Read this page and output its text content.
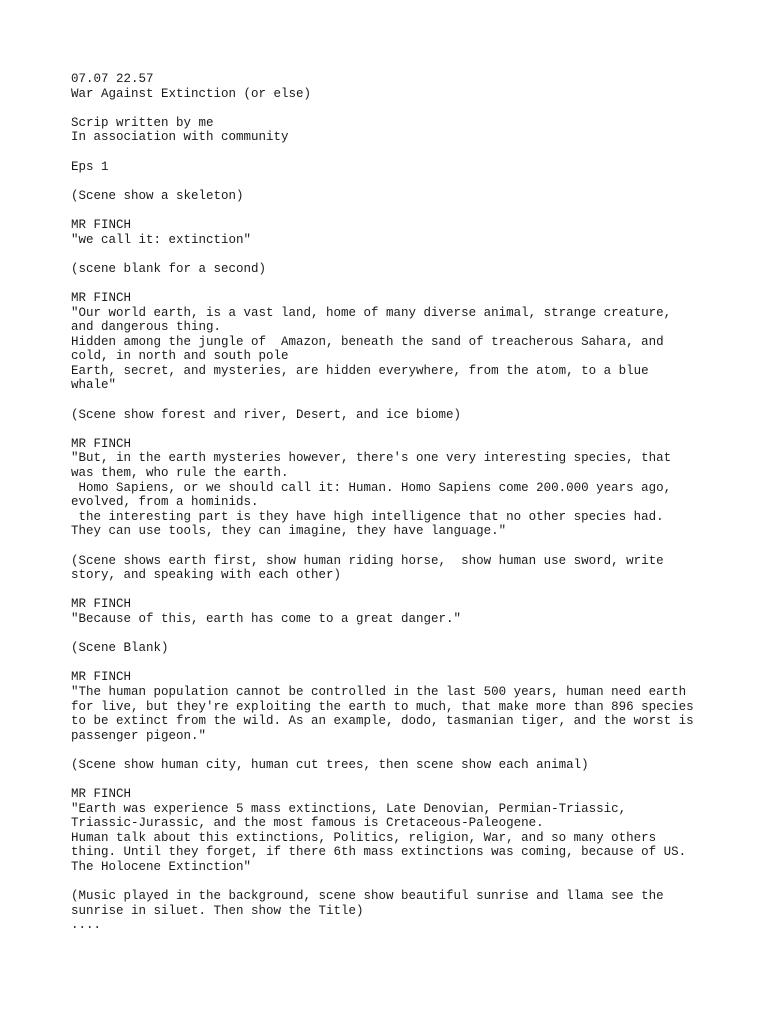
07.07 22.57
War Against Extinction (or else)
Scrip written by me
In association with community
Eps 1
(Scene show a skeleton)
MR FINCH
"we call it: extinction"
(scene blank for a second)
MR FINCH
"Our world earth, is a vast land, home of many diverse animal, strange creature,
and dangerous thing.
Hidden among the jungle of  Amazon, beneath the sand of treacherous Sahara, and
cold, in north and south pole
Earth, secret, and mysteries, are hidden everywhere, from the atom, to a blue
whale"
(Scene show forest and river, Desert, and ice biome)
MR FINCH
"But, in the earth mysteries however, there's one very interesting species, that
was them, who rule the earth.
Homo Sapiens, or we should call it: Human. Homo Sapiens come 200.000 years ago,
evolved, from a hominids.
the interesting part is they have high intelligence that no other species had.
They can use tools, they can imagine, they have language."
(Scene shows earth first, show human riding horse,  show human use sword, write
story, and speaking with each other)
MR FINCH
"Because of this, earth has come to a great danger."
(Scene Blank)
MR FINCH
"The human population cannot be controlled in the last 500 years, human need earth
for live, but they're exploiting the earth to much, that make more than 896 species
to be extinct from the wild. As an example, dodo, tasmanian tiger, and the worst is
passenger pigeon."
(Scene show human city, human cut trees, then scene show each animal)
MR FINCH
"Earth was experience 5 mass extinctions, Late Denovian, Permian-Triassic,
Triassic-Jurassic, and the most famous is Cretaceous-Paleogene.
Human talk about this extinctions, Politics, religion, War, and so many others
thing. Until they forget, if there 6th mass extinctions was coming, because of US.
The Holocene Extinction"
(Music played in the background, scene show beautiful sunrise and llama see the
sunrise in siluet. Then show the Title)
....
